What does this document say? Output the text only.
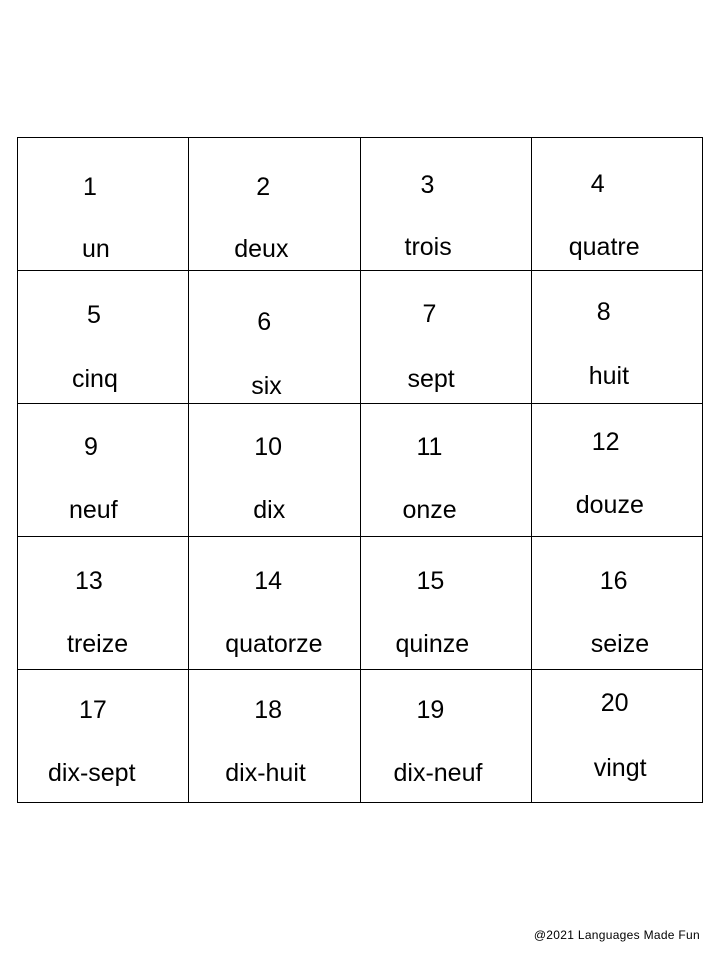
1
un
2
deux
3
trois
4
quatre
5
cinq
6
six
7
sept
8
huit
9
neuf
10
dix
11
onze
12
douze
13
treize
14
quatorze
15
quinze
16
seize
17
dix-sept
18
dix-huit
19
dix-neuf
20
vingt
@2021 Languages Made Fun
